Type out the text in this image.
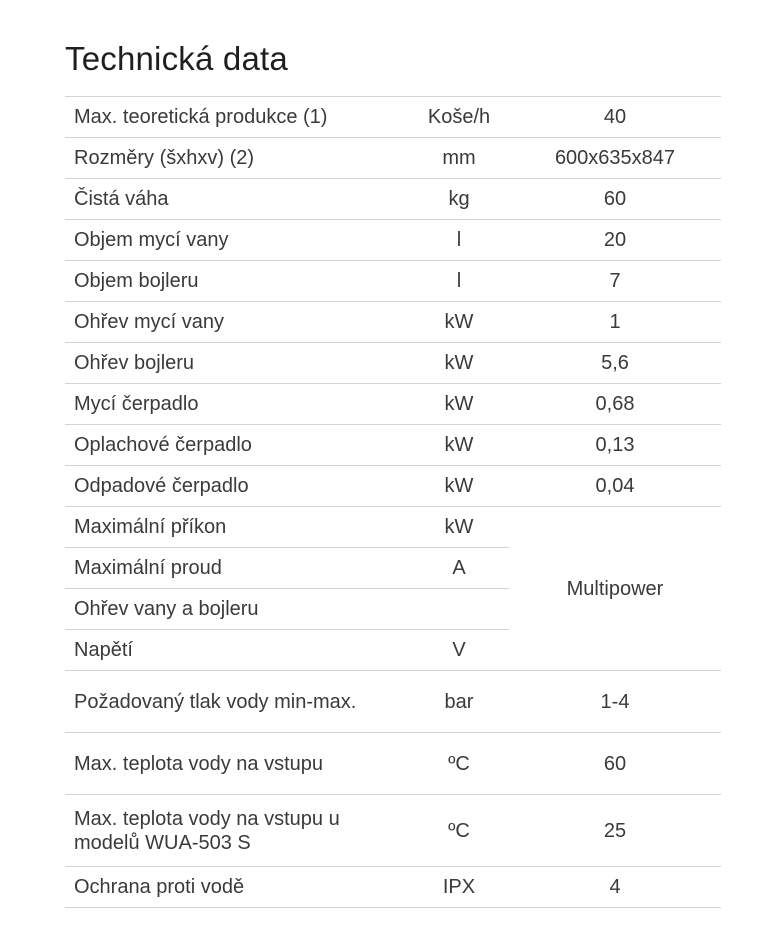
Technická data
Max. teoretická produkce (1)	Koše/h	40
Rozměry (šxhxv) (2)	mm	600x635x847
Čistá váha	kg	60
Objem mycí vany	l	20
Objem bojleru	l	7
Ohřev mycí vany	kW	1
Ohřev bojleru	kW	5,6
Mycí čerpadlo	kW	0,68
Oplachové čerpadlo	kW	0,13
Odpadové čerpadlo	kW	0,04
Maximální příkon	kW	Multipower
Maximální proud	A	
Ohřev vany a bojleru		
Napětí	V	
Požadovaný tlak vody min-max.	bar	1-4
Max. teplota vody na vstupu	ºC	60
Max. teplota vody na vstupu u modelů WUA-503 S	ºC	25
Ochrana proti vodě	IPX	4
